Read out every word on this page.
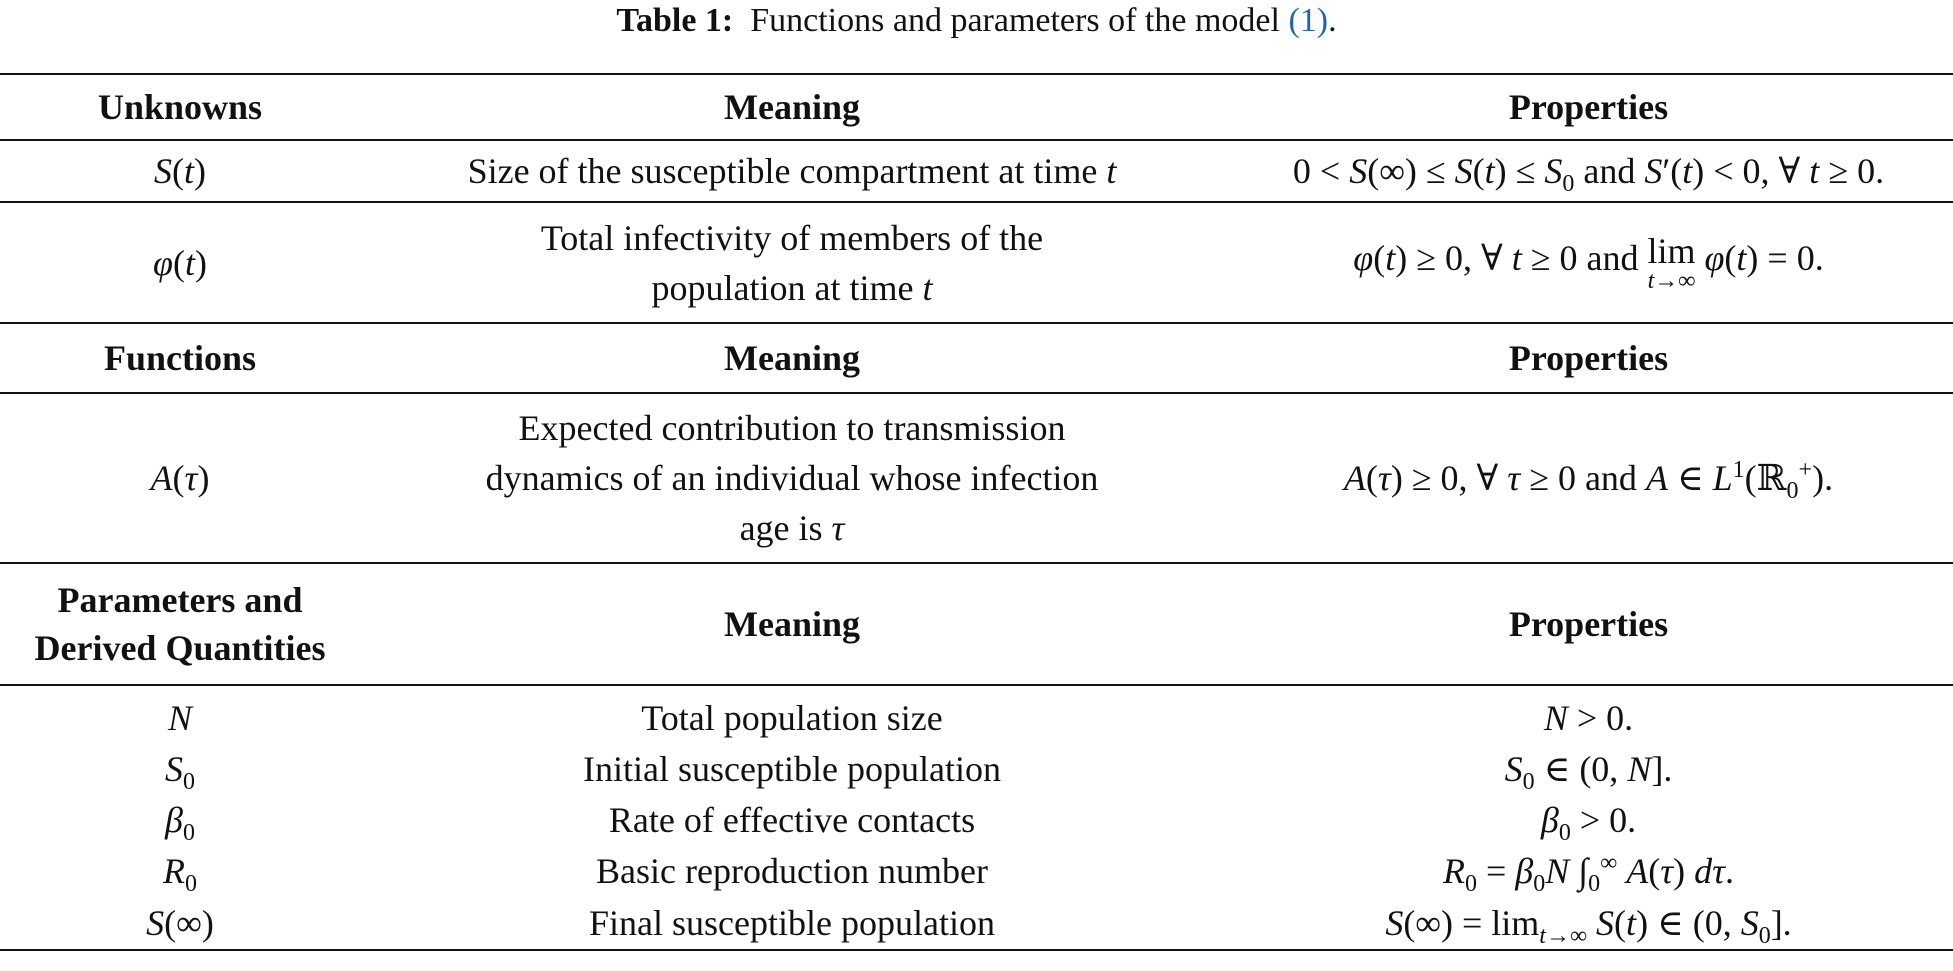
Table 1: Functions and parameters of the model (1).
Unknowns	Meaning	Properties
S(t)	Size of the susceptible compartment at time t	$0 < S(\infty) \le S(t) \le S_0$ and S′(t) < 0, ∀ t ≥ 0.
φ(t)	Total infectivity of members of the
population at time t	φ(t) ≥ 0, ∀ t ≥ 0 and lim
t→∞
φ(t) = 0.
Functions	Meaning	Properties
A(τ)	Expected contribution to transmission
dynamics of an individual whose infection
age is τ	A(τ) ≥ 0, ∀ τ ≥ 0 and A ∈ $L^1(ℝ_0^+)$.
Parameters and
Derived Quantities	Meaning	Properties
N	Total population size	N > 0.
$S_0$	Initial susceptible population	$S_0$ ∈ (0, N].
$\beta_0$	Rate of effective contacts	$\beta_0 > 0$.
$R_0$	Basic reproduction number	$R_0 = \beta_0N$ $\int_0^\infty$ A(τ) dτ.
S(∞)	Final susceptible population	$S(\infty) = \lim_{t\to\infty} S(t)$ ∈ (0, $S_0$].
